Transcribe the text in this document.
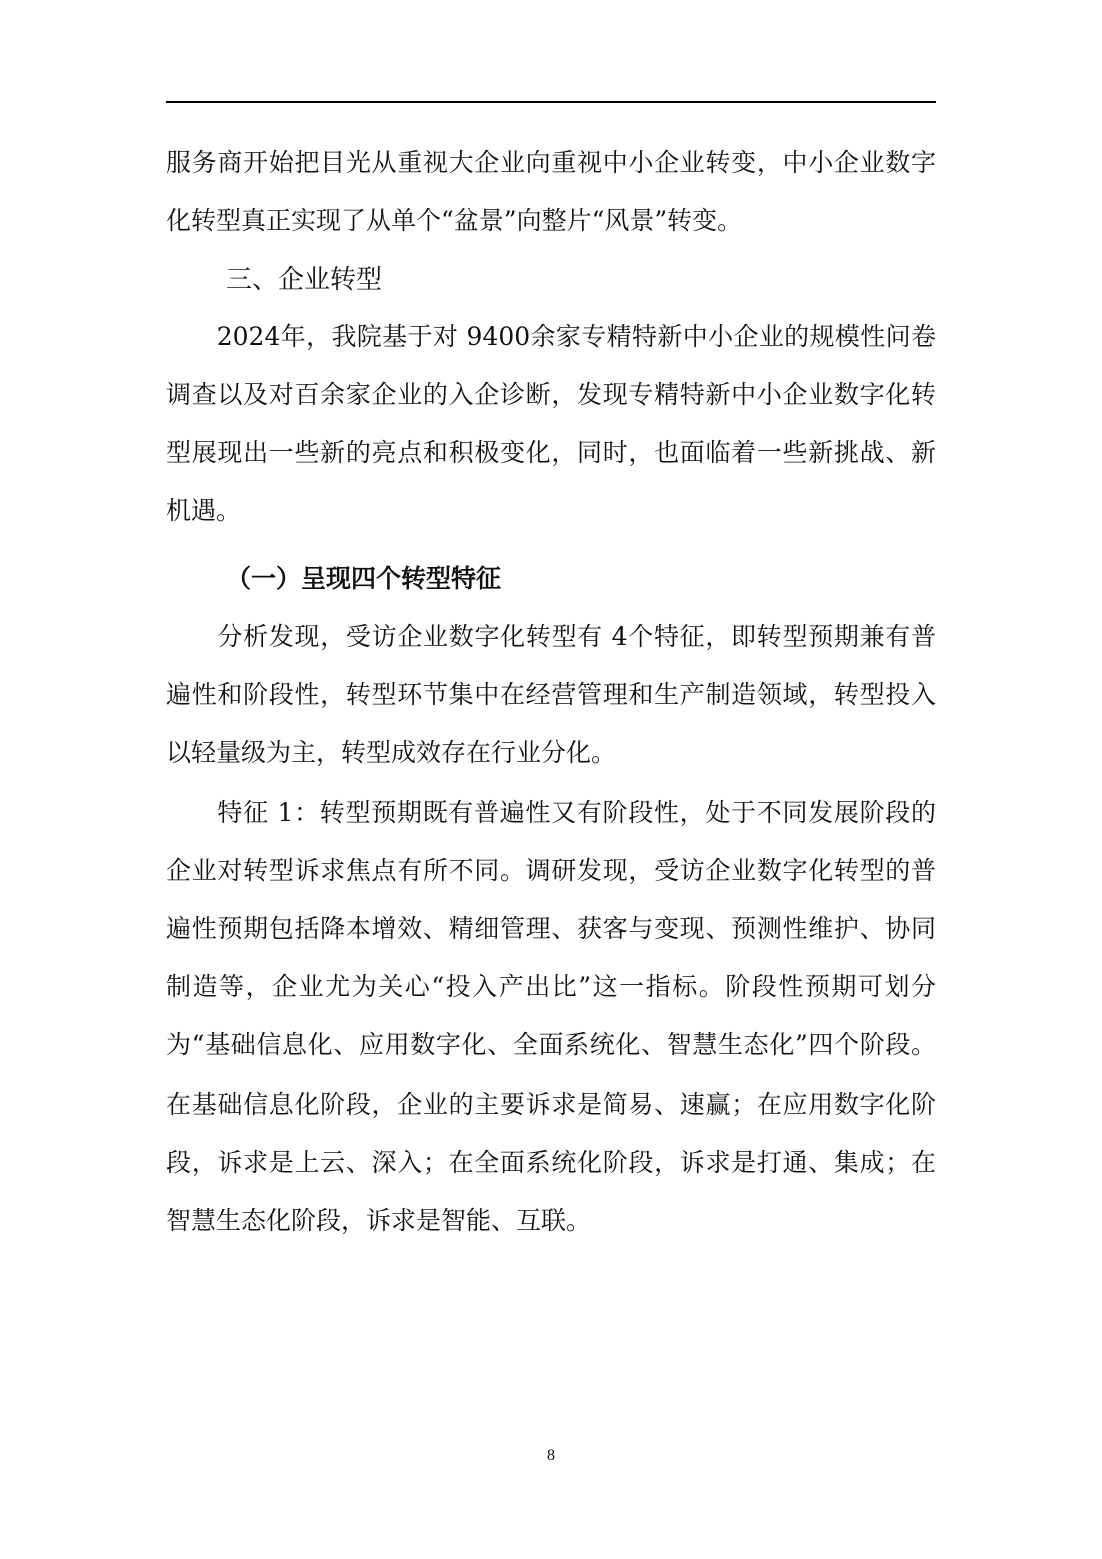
服务商开始把目光从重视大企业向重视中小企业转变，中小企业数字
化转型真正实现了从单个“盆景”向整片“风景”转变。
三、企业转型
　　2024年，我院基于对 9400余家专精特新中小企业的规模性问卷
调查以及对百余家企业的入企诊断，发现专精特新中小企业数字化转
型展现出一些新的亮点和积极变化，同时，也面临着一些新挑战、新
机遇。
（一）呈现四个转型特征
　　分析发现，受访企业数字化转型有 4个特征，即转型预期兼有普
遍性和阶段性，转型环节集中在经营管理和生产制造领域，转型投入
以轻量级为主，转型成效存在行业分化。
　　特征 1：转型预期既有普遍性又有阶段性，处于不同发展阶段的
企业对转型诉求焦点有所不同。调研发现，受访企业数字化转型的普
遍性预期包括降本增效、精细管理、获客与变现、预测性维护、协同
制造等，企业尤为关心“投入产出比”这一指标。阶段性预期可划分
为“基础信息化、应用数字化、全面系统化、智慧生态化”四个阶段。
在基础信息化阶段，企业的主要诉求是简易、速赢；在应用数字化阶
段，诉求是上云、深入；在全面系统化阶段，诉求是打通、集成；在
智慧生态化阶段，诉求是智能、互联。
8
